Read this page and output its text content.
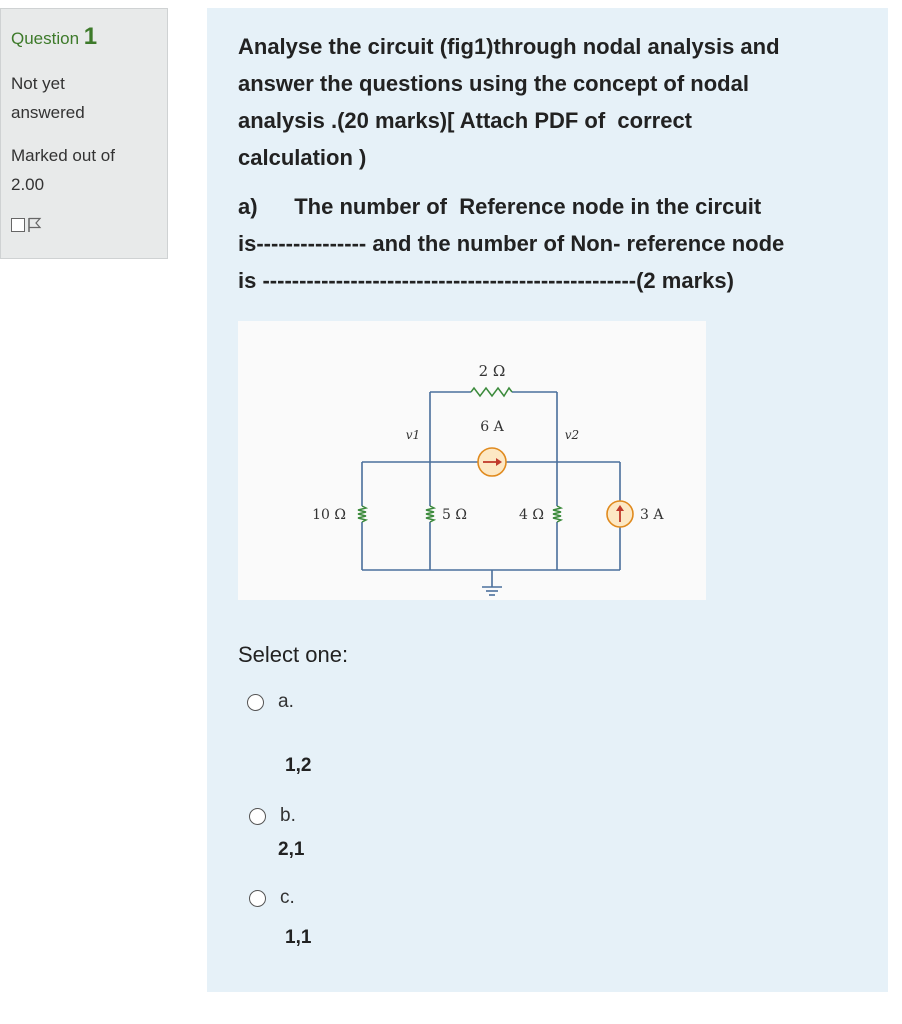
Question 1
Not yet
answered
Marked out of
2.00

Analyse the circuit (fig1)through nodal analysis and

answer the questions using the concept of nodal

analysis .(20 marks)[ Attach PDF of  correct

calculation )

a)      The number of  Reference node in the circuit

is--------------- and the number of Non- reference node

is ---------------------------------------------------(2 marks)

2 Ω
6 A
v1	v2
10 Ω	5 Ω	4 Ω	3 A
Select one:
a.
1,2
b.
2,1
c.
1,1
